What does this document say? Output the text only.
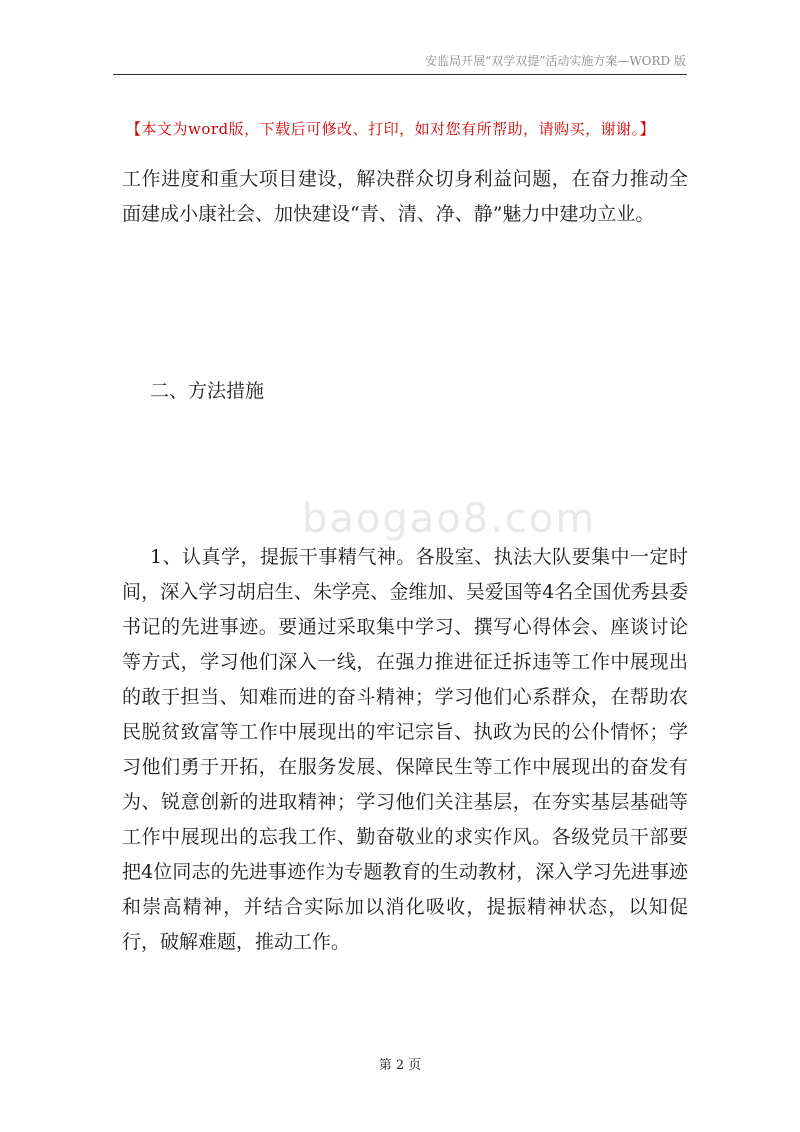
安监局开展“双学双提”活动实施方案—WORD 版
【本文为word版，下载后可修改、打印，如对您有所帮助，请购买，谢谢。】

工作进度和重大项目建设，解决群众切身利益问题，在奋力推动全面建成小康社会、加快建设“青、清、净、静”魅力中建功立业。

二、方法措施

baogao8.com

1、认真学，提振干事精气神。各股室、执法大队要集中一定时间，深入学习胡启生、朱学亮、金维加、吴爱国等4名全国优秀县委书记的先进事迹。要通过采取集中学习、撰写心得体会、座谈讨论等方式，学习他们深入一线，在强力推进征迁拆违等工作中展现出的敢于担当、知难而进的奋斗精神；学习他们心系群众，在帮助农民脱贫致富等工作中展现出的牢记宗旨、执政为民的公仆情怀；学习他们勇于开拓，在服务发展、保障民生等工作中展现出的奋发有为、锐意创新的进取精神；学习他们关注基层，在夯实基层基础等工作中展现出的忘我工作、勤奋敬业的求实作风。各级党员干部要把4位同志的先进事迹作为专题教育的生动教材，深入学习先进事迹和崇高精神，并结合实际加以消化吸收，提振精神状态，以知促行，破解难题，推动工作。

第 2 页
